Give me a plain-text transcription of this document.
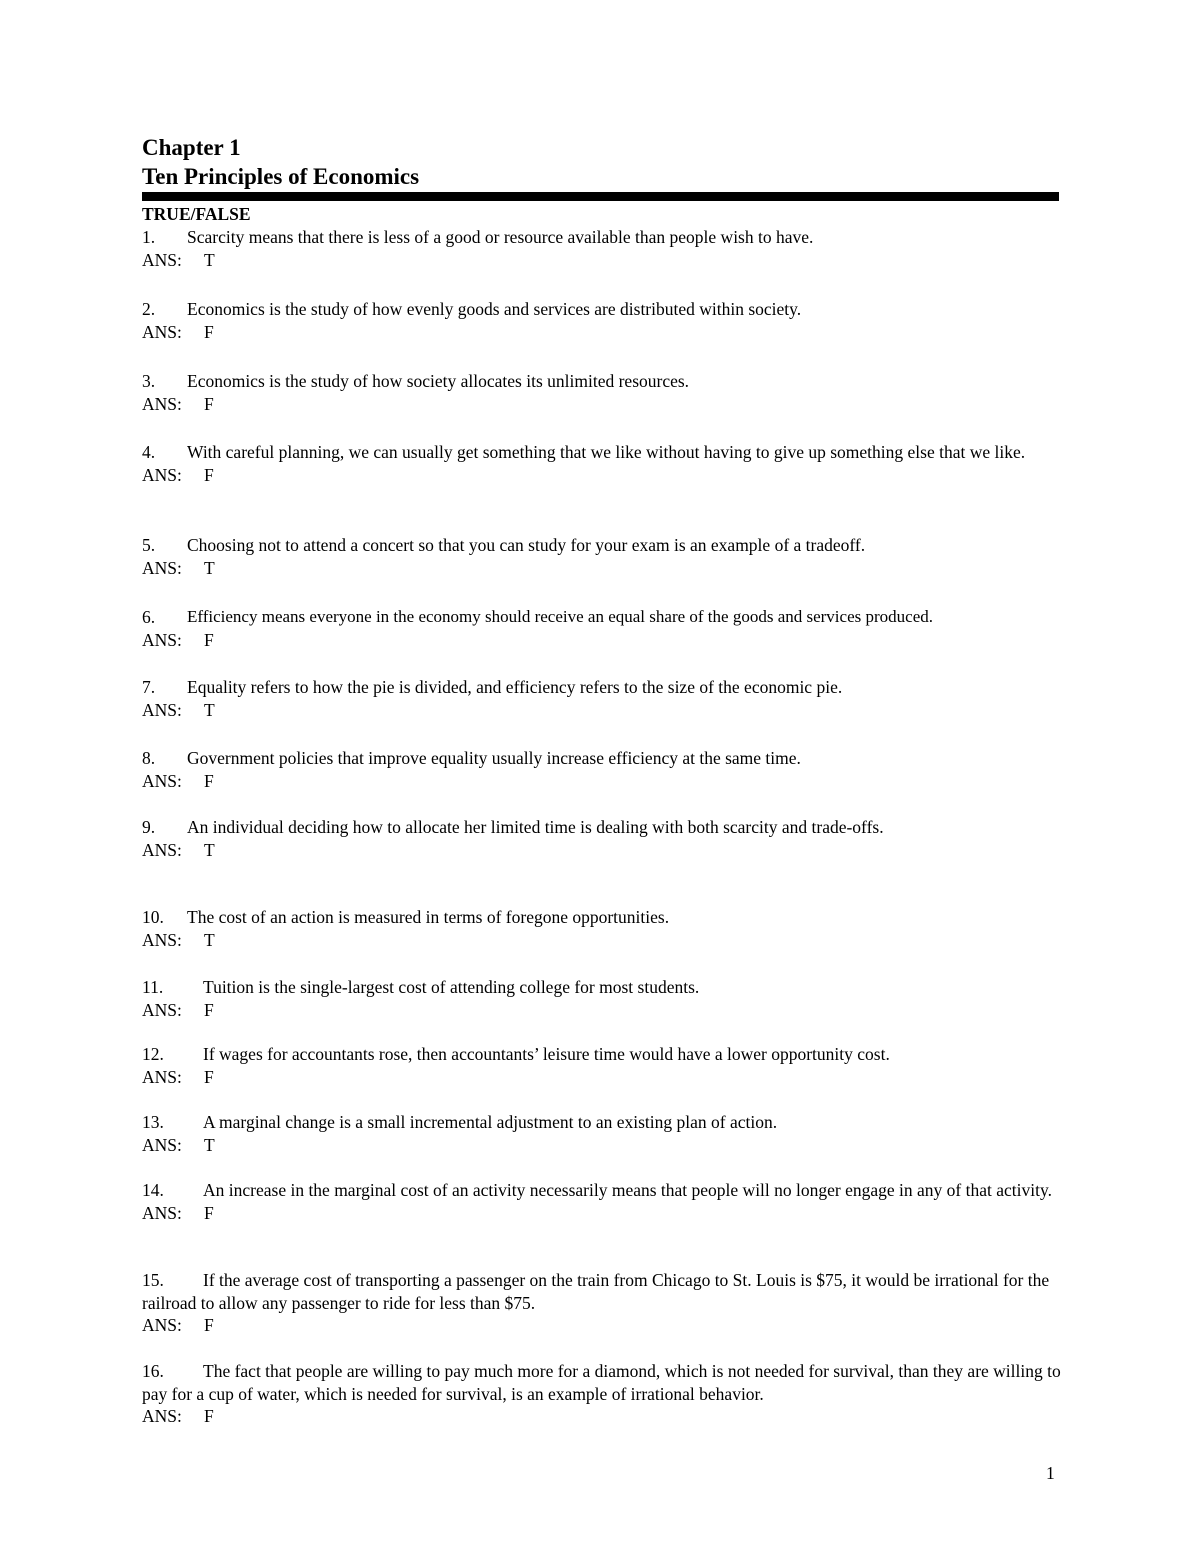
Chapter 1
Ten Principles of Economics
TRUE/FALSE
1.	Scarcity means that there is less of a good or resource available than people wish to have.
ANS: T
2.	Economics is the study of how evenly goods and services are distributed within society.
ANS: F
3.	Economics is the study of how society allocates its unlimited resources.
ANS: F
4.	With careful planning, we can usually get something that we like without having to give up something else that we like.
ANS: F
5.	Choosing not to attend a concert so that you can study for your exam is an example of a tradeoff.
ANS: T
6.	Efficiency means everyone in the economy should receive an equal share of the goods and services produced.
ANS: F
7.	Equality refers to how the pie is divided, and efficiency refers to the size of the economic pie.
ANS: T
8.	Government policies that improve equality usually increase efficiency at the same time.
ANS: F
9.	An individual deciding how to allocate her limited time is dealing with both scarcity and trade-offs.
ANS: T
10.	The cost of an action is measured in terms of foregone opportunities.
ANS: T
11.	Tuition is the single-largest cost of attending college for most students.
ANS: F
12.	If wages for accountants rose, then accountants’ leisure time would have a lower opportunity cost.
ANS: F
13.	A marginal change is a small incremental adjustment to an existing plan of action.
ANS: T
14. An increase in the marginal cost of an activity necessarily means that people will no longer engage in any of that activity.
ANS: F
15. If the average cost of transporting a passenger on the train from Chicago to St. Louis is $75, it would be irrational for the railroad to allow any passenger to ride for less than $75.
ANS: F
16. The fact that people are willing to pay much more for a diamond, which is not needed for survival, than they are willing to pay for a cup of water, which is needed for survival, is an example of irrational behavior.
ANS: F
1
